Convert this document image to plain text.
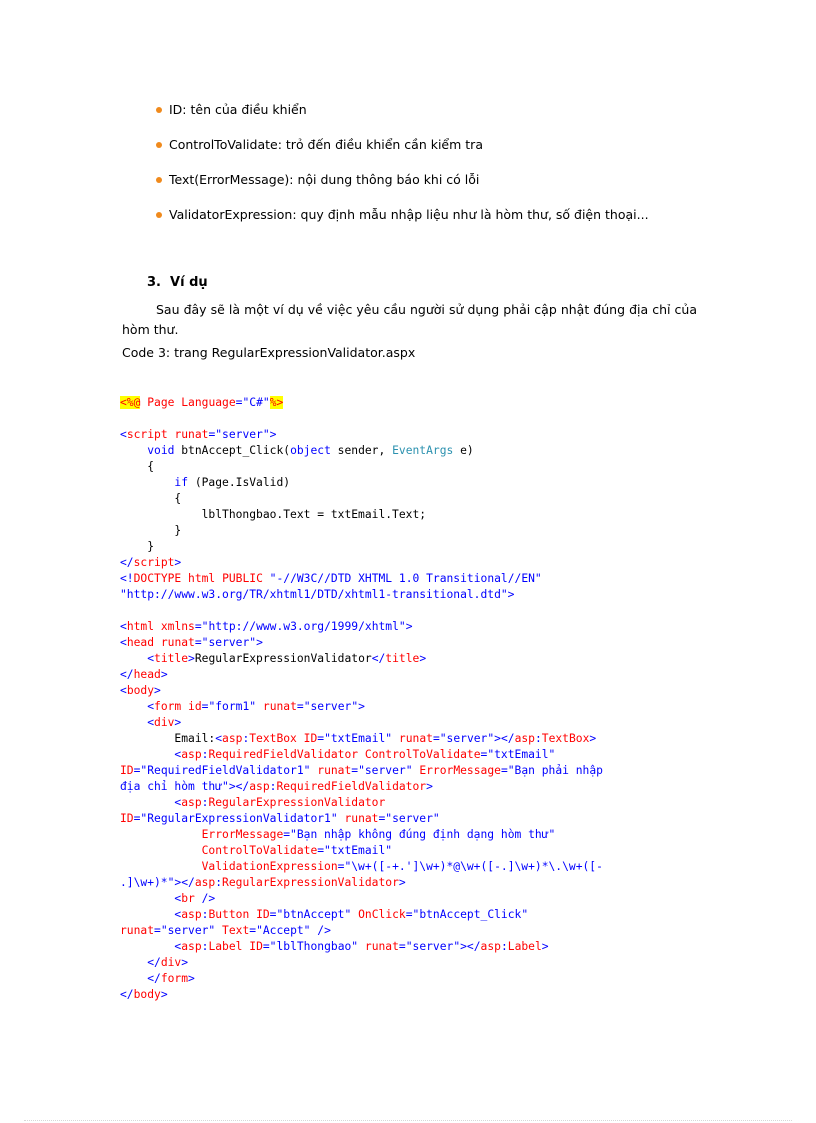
ID: tên của điều khiển
ControlToValidate: trỏ đến điều khiển cần kiểm tra
Text(ErrorMessage): nội dung thông báo khi có lỗi
ValidatorExpression: quy định mẫu nhập liệu như là hòm thư, số điện thoại...
3. Ví dụ

Sau đây sẽ là một ví dụ về việc yêu cầu người sử dụng phải cập nhật đúng địa chỉ của hòm thư.

Code 3: trang RegularExpressionValidator.aspx
<%@ Page Language="C#"%>

<script runat="server">
void btnAccept_Click(object sender, EventArgs e)
{
if (Page.IsValid)
{
lblThongbao.Text = txtEmail.Text;
}
}
</script>
<!DOCTYPE html PUBLIC "-//W3C//DTD XHTML 1.0 Transitional//EN"
"http://www.w3.org/TR/xhtml1/DTD/xhtml1-transitional.dtd">

<html xmlns="http://www.w3.org/1999/xhtml">
<head runat="server">
<title>RegularExpressionValidator</title>
</head>
<body>
<form id="form1" runat="server">
<div>
Email:<asp:TextBox ID="txtEmail" runat="server"></asp:TextBox>
<asp:RequiredFieldValidator ControlToValidate="txtEmail"
ID="RequiredFieldValidator1" runat="server" ErrorMessage="Bạn phải nhập
địa chỉ hòm thư"></asp:RequiredFieldValidator>
<asp:RegularExpressionValidator
ID="RegularExpressionValidator1" runat="server"
ErrorMessage="Bạn nhập không đúng định dạng hòm thư"
ControlToValidate="txtEmail"
ValidationExpression="\w+([-+.']\w+)*@\w+([-.]\w+)*\.\w+([-
.]\w+)*"></asp:RegularExpressionValidator>
<br />
<asp:Button ID="btnAccept" OnClick="btnAccept_Click"
runat="server" Text="Accept" />
<asp:Label ID="lblThongbao" runat="server"></asp:Label>
</div>
</form>
</body>
